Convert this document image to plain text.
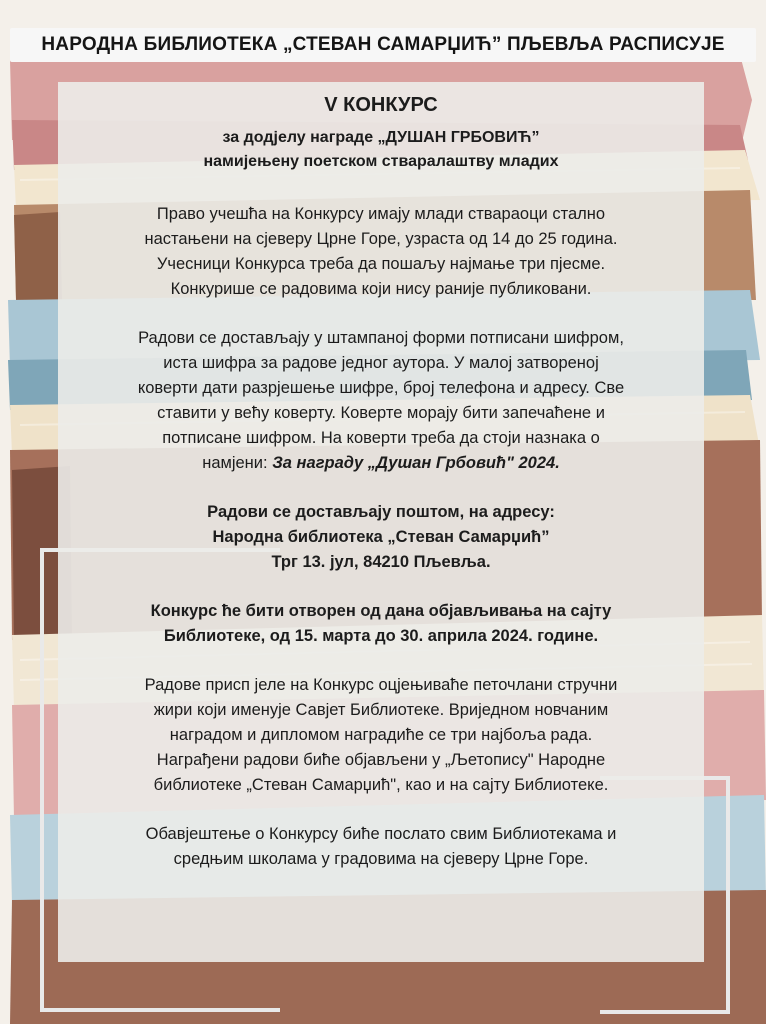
НАРОДНА БИБЛИОТЕКА „СТЕВАН САМАРЏИЋ” ПЉЕВЉА РАСПИСУЈЕ
V КОНКУРС
за додјелу награде „ДУШАН ГРБОВИЋ”
намијењену поетском стваралаштву младих
Право учешћа на Конкурсу имају млади ствараоци стално
настањени на сјеверу Црне Горе, узраста од 14 до 25 година.
Учесници Конкурса треба да пошаљу најмање три пјесме.
Конкурише се радовима који нису раније публиковани.
Радови се достављају у штампаној форми потписани шифром,
иста шифра за радове једног аутора. У малој затвореној
коверти дати разрјешење шифре, број телефона и адресу. Све
ставити у већу коверту. Коверте морају бити запечаћене и
потписане шифром. На коверти треба да стоји назнака о
намјени: За награду „Душан Грбовић" 2024.
Радови се достављају поштом, на адресу:
Народна библиотека „Стеван Самарџић”
Трг 13. јул, 84210 Пљевља.
Конкурс ће бити отворен од дана објављивања на сајту
Библиотеке, од 15. марта до 30. априла 2024. године.
Радове присп јеле на Конкурс оцјењиваће петочлани стручни
жири који именује Савјет Библиотеке. Вриједном новчаним
наградом и дипломом наградиће се три најбоља рада.
Награђени радови биће објављени у „Љетопису" Народне
библиотеке „Стеван Самарџић", као и на сајту Библиотеке.
Обавјештење о Конкурсу биће послато свим Библиотекама и
средњим школама у градовима на сјеверу Црне Горе.
